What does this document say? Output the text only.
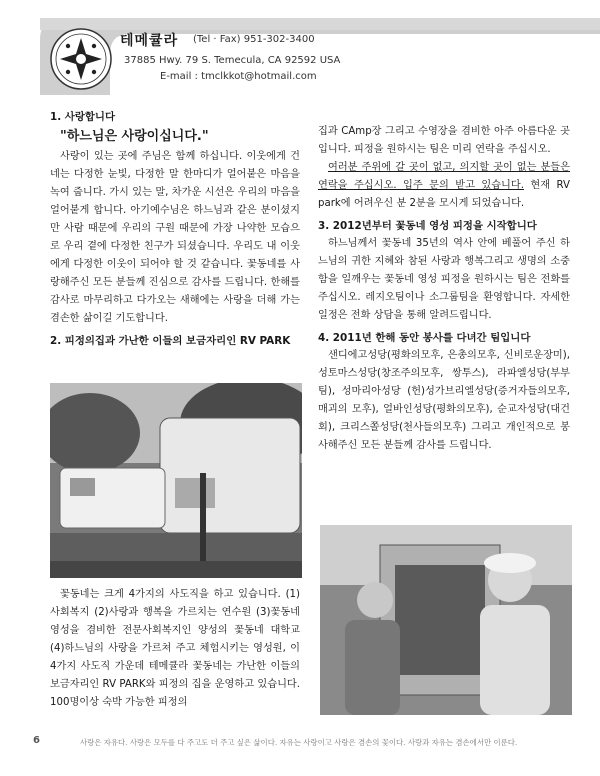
테메큘라 (Tel · Fax) 951-302-3400
37885 Hwy. 79 S. Temecula, CA 92592 USA
E-mail : tmclkkot@hotmail.com
1. 사랑합니다
"하느님은 사랑이십니다."

사랑이 있는 곳에 주님은 함께 하십니다. 이웃에게 건네는 다정한 눈빛, 다정한 말 한마디가 얼어붙은 마음을 녹여 줍니다. 가시 있는 말, 차가운 시선은 우리의 마음을 얼어붙게 합니다. 아기예수님은 하느님과 같은 분이셨지만 사람 때문에 우리의 구원 때문에 가장 나약한 모습으로 우리 곁에 다정한 친구가 되셨습니다. 우리도 내 이웃에게 다정한 이웃이 되어야 할 것 같습니다. 꽃동네를 사랑해주신 모든 분들께 진심으로 감사를 드립니다. 한해를 감사로 마무리하고 다가오는 새해에는 사랑을 더해 가는 겸손한 삶이길 기도합니다.

2. 피정의집과 가난한 이들의 보금자리인 RV PARK

꽃동네는 크게 4가지의 사도직을 하고 있습니다. (1)사회복지 (2)사랑과 행복을 가르치는 연수원 (3)꽃동네 영성을 겸비한 전문사회복지인 양성의 꽃동네 대학교 (4)하느님의 사랑을 가르쳐 주고 체험시키는 영성원, 이 4가지 사도직 가운데 테메큘라 꽃동네는 가난한 이들의 보금자리인 RV PARK와 피정의 집을 운영하고 있습니다. 100명이상 숙박 가능한 피정의

집과 CAmp장 그리고 수영장을 겸비한 아주 아름다운 곳입니다. 피정을 원하시는 팀은 미리 연락을 주십시오.

여러분 주위에 갈 곳이 없고, 의지할 곳이 없는 분들은 연락을 주십시오. 입주 문의 받고 있습니다. 현재 RV park에 어려우신 분 2분을 모시게 되었습니다.

3. 2012년부터 꽃동네 영성 피정을 시작합니다

하느님께서 꽃동네 35년의 역사 안에 베풀어 주신 하느님의 귀한 지혜와 참된 사랑과 행복그리고 생명의 소중함을 일깨우는 꽃동네 영성 피정을 원하시는 팀은 전화를 주십시오. 레지오팀이나 소그룹팀을 환영합니다. 자세한 일정은 전화 상담을 통해 알려드립니다.

4. 2011년 한해 동안 봉사를 다녀간 팀입니다

샌디에고성당(평화의모후, 은총의모후, 신비로운장미), 성토마스성당(창조주의모후, 쌍투스), 라파엘성당(부부팀), 성마리아성당 (헌)성가브리엘성당(증거자들의모후, 매괴의 모후), 얼바인성당(평화의모후), 순교자성당(대건회), 크리스쫄성당(천사들의모후) 그리고 개인적으로 봉사해주신 모든 분들께 감사를 드립니다.

6	사랑은 자유다. 사랑은 모두를 다 주고도 더 주고 싶은 삶이다. 자유는 사랑이고 사랑은 겸손의 꽃이다. 사랑과 자유는 겸손에서만 이룬다.
